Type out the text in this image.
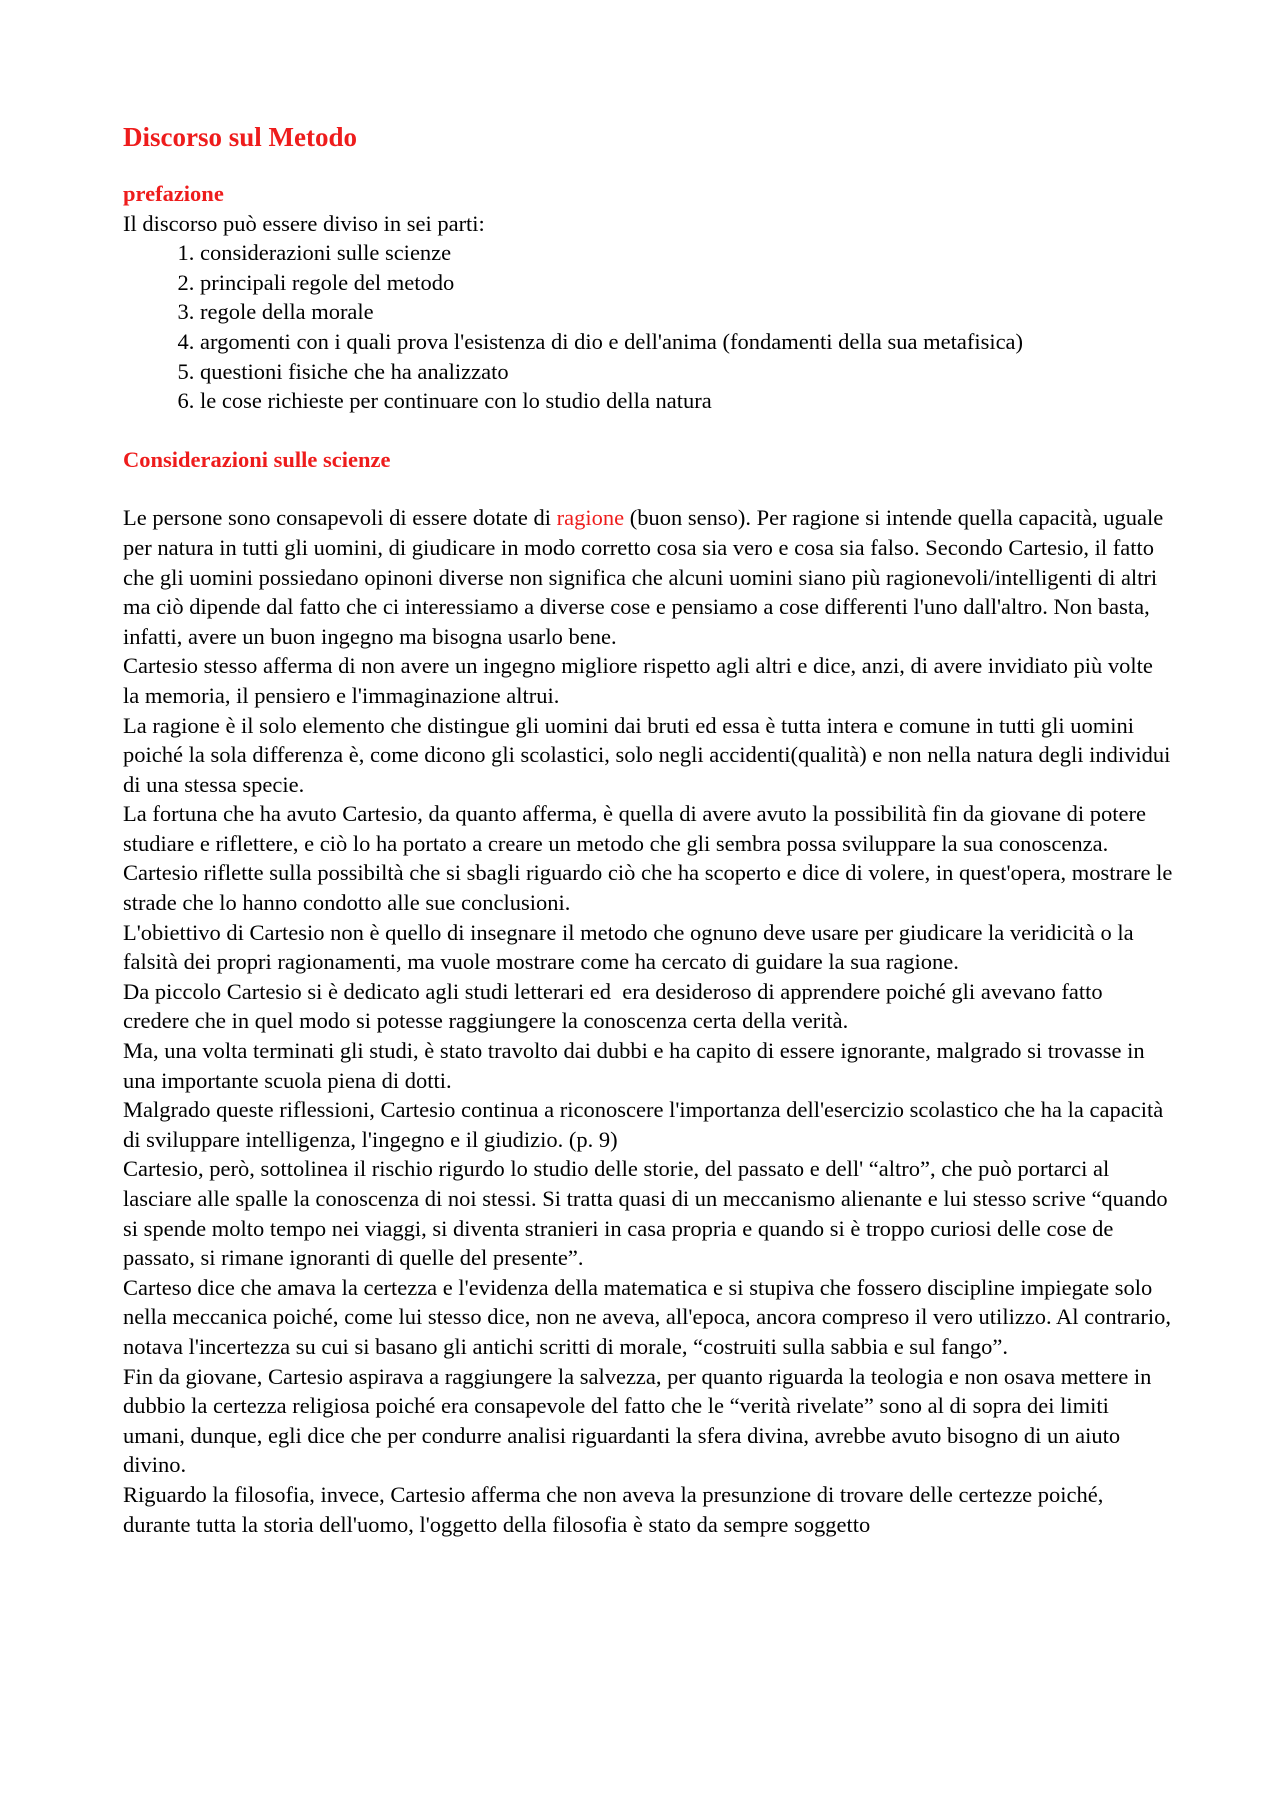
Discorso sul Metodo
prefazione
Il discorso può essere diviso in sei parti:
1. considerazioni sulle scienze
2. principali regole del metodo
3. regole della morale
4. argomenti con i quali prova l'esistenza di dio e dell'anima (fondamenti della sua metafisica)
5. questioni fisiche che ha analizzato
6. le cose richieste per continuare con lo studio della natura
Considerazioni sulle scienze

Le persone sono consapevoli di essere dotate di ragione (buon senso). Per ragione si intende quella capacità, uguale per natura in tutti gli uomini, di giudicare in modo corretto cosa sia vero e cosa sia falso. Secondo Cartesio, il fatto che gli uomini possiedano opinoni diverse non significa che alcuni uomini siano più ragionevoli/intelligenti di altri ma ciò dipende dal fatto che ci interessiamo a diverse cose e pensiamo a cose differenti l'uno dall'altro. Non basta, infatti, avere un buon ingegno ma bisogna usarlo bene.

Cartesio stesso afferma di non avere un ingegno migliore rispetto agli altri e dice, anzi, di avere invidiato più volte la memoria, il pensiero e l'immaginazione altrui.

La ragione è il solo elemento che distingue gli uomini dai bruti ed essa è tutta intera e comune in tutti gli uomini poiché la sola differenza è, come dicono gli scolastici, solo negli accidenti(qualità) e non nella natura degli individui di una stessa specie.

La fortuna che ha avuto Cartesio, da quanto afferma, è quella di avere avuto la possibilità fin da giovane di potere studiare e riflettere, e ciò lo ha portato a creare un metodo che gli sembra possa sviluppare la sua conoscenza. Cartesio riflette sulla possibiltà che si sbagli riguardo ciò che ha scoperto e dice di volere, in quest'opera, mostrare le strade che lo hanno condotto alle sue conclusioni.

L'obiettivo di Cartesio non è quello di insegnare il metodo che ognuno deve usare per giudicare la veridicità o la falsità dei propri ragionamenti, ma vuole mostrare come ha cercato di guidare la sua ragione.

Da piccolo Cartesio si è dedicato agli studi letterari ed  era desideroso di apprendere poiché gli avevano fatto credere che in quel modo si potesse raggiungere la conoscenza certa della verità.

Ma, una volta terminati gli studi, è stato travolto dai dubbi e ha capito di essere ignorante, malgrado si trovasse in una importante scuola piena di dotti.

Malgrado queste riflessioni, Cartesio continua a riconoscere l'importanza dell'esercizio scolastico che ha la capacità di sviluppare intelligenza, l'ingegno e il giudizio. (p. 9)

Cartesio, però, sottolinea il rischio rigurdo lo studio delle storie, del passato e dell' “altro”, che può portarci al lasciare alle spalle la conoscenza di noi stessi. Si tratta quasi di un meccanismo alienante e lui stesso scrive “quando si spende molto tempo nei viaggi, si diventa stranieri in casa propria e quando si è troppo curiosi delle cose de passato, si rimane ignoranti di quelle del presente”.

Carteso dice che amava la certezza e l'evidenza della matematica e si stupiva che fossero discipline impiegate solo nella meccanica poiché, come lui stesso dice, non ne aveva, all'epoca, ancora compreso il vero utilizzo. Al contrario, notava l'incertezza su cui si basano gli antichi scritti di morale, “costruiti sulla sabbia e sul fango”.

Fin da giovane, Cartesio aspirava a raggiungere la salvezza, per quanto riguarda la teologia e non osava mettere in dubbio la certezza religiosa poiché era consapevole del fatto che le “verità rivelate” sono al di sopra dei limiti umani, dunque, egli dice che per condurre analisi riguardanti la sfera divina, avrebbe avuto bisogno di un aiuto divino.

Riguardo la filosofia, invece, Cartesio afferma che non aveva la presunzione di trovare delle certezze poiché, durante tutta la storia dell'uomo, l'oggetto della filosofia è stato da sempre soggetto
